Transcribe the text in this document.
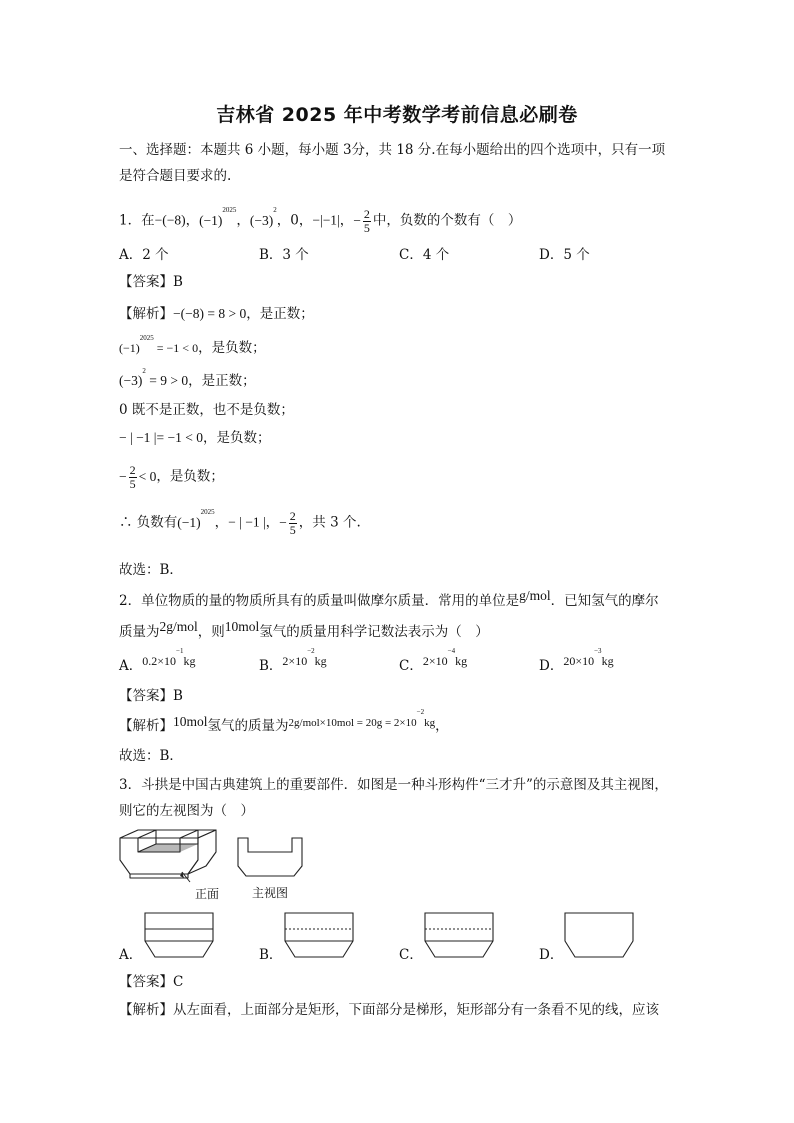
吉林省 2025 年中考数学考前信息必刷卷
一、选择题：本题共 6 小题，每小题 3分，共 18 分.在每小题给出的四个选项中，只有一项
是符合题目要求的.
1．在−(−8)，$(-1)^{2025}$，$(-3)^2$，0，−|−1|，− $\frac{2}{5}$ 中，负数的个数有（　）
A．2 个	B．3 个	C．4 个	D．5 个
【答案】B
【解析】−(−8) = 8 > 0，是正数；
$(-1)^{2025} = -1 < 0$，是负数；
$(-3)^2 = 9 > 0$，是正数；
0 既不是正数，也不是负数；
− | −1 |= −1 < 0，是负数；
− $\frac{2}{5} < 0$，是负数；
∴ 负数有$(-1)^{2025}$，− | −1 |，− $\frac{2}{5}$ ，共 3 个.
故选：B．
2．单位物质的量的物质所具有的质量叫做摩尔质量．常用的单位是g/mol．已知氢气的摩尔
质量为2g/mol，则10mol氢气的质量用科学记数法表示为（　）
A．$0.2\times 10^{-1}kg$	B．$2\times 10^{-2}kg$	C．$2\times 10^{-4}kg$	D．$20\times 10^{-3}kg$
【答案】B
【解析】10mol氢气的质量为$^{2g/mol\times 10mol = 20g = 2\times 10^{-2}kg}$，
故选：B．
3．斗拱是中国古典建筑上的重要部件．如图是一种斗形构件“三才升”的示意图及其主视图，
则它的左视图为（　）
正面	主视图
A．	B．	C．	D．
【答案】C
【解析】从左面看，上面部分是矩形，下面部分是梯形，矩形部分有一条看不见的线，应该
